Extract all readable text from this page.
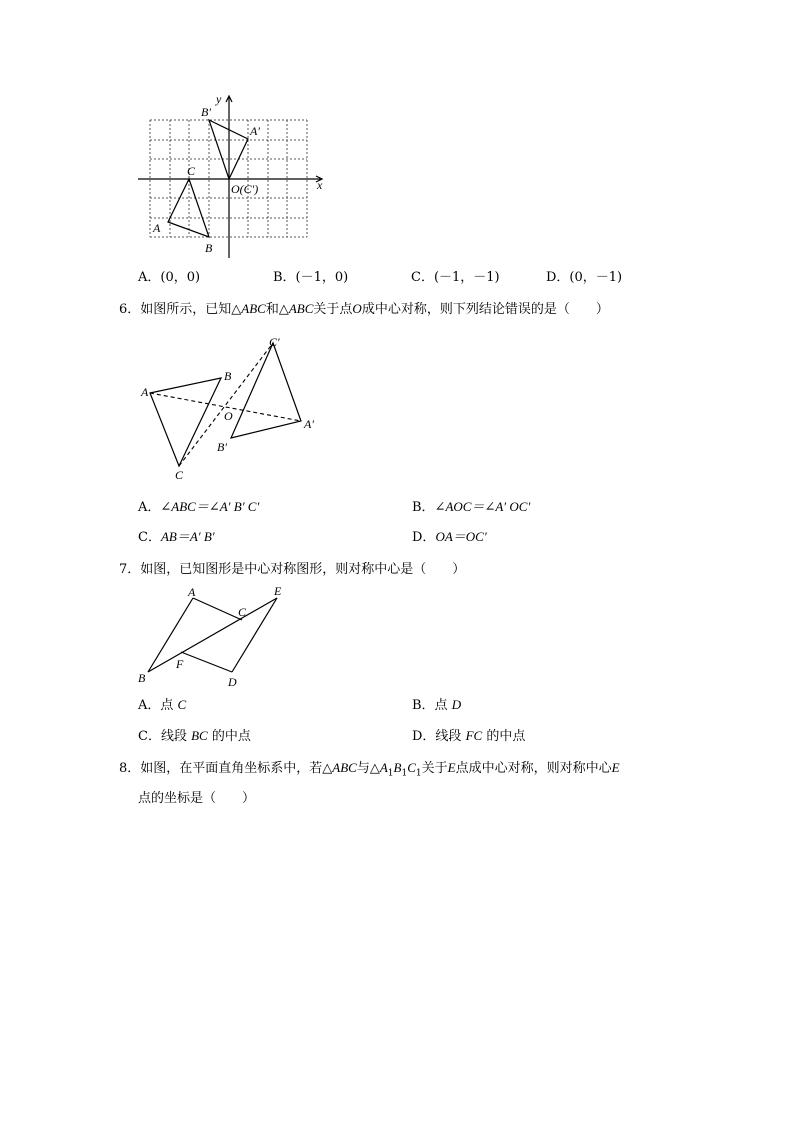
y
x
B′
A′
C
O(C′)
A
B
A．(0，0)	B．(－1，0)	C．(－1，－1)	D．(0，－1)
6．如图所示，已知△ABC和△ABC关于点O成中心对称，则下列结论错误的是（　　）
A
B
C
O
C′
A′
B′
A．∠ABC＝∠A′ B′ C′	B．∠AOC＝∠A′ OC′
C．AB＝A′ B′	D．OA＝OC′
7．如图，已知图形是中心对称图形，则对称中心是（　　）
A
C
E
B
F
D
A．点 C	B．点 D
C．线段 BC 的中点	D．线段 FC 的中点
8．如图，在平面直角坐标系中，若△ABC与$\triangle A_1B_1C_1$关于E点成中心对称，则对称中心E
点的坐标是（　　）
